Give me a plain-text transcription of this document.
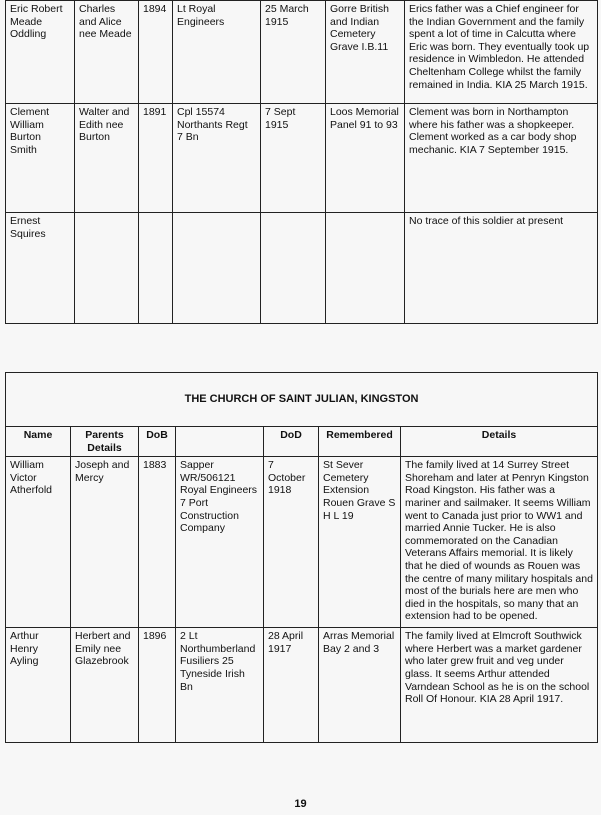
Eric Robert Meade Oddling	Charles and Alice nee Meade	1894	Lt Royal Engineers	25 March 1915	Gorre British and Indian Cemetery Grave I.B.11	Erics father was a Chief engineer for the Indian Government and the family spent a lot of time in Calcutta where Eric was born. They eventually took up residence in Wimbledon. He attended Cheltenham College whilst the family remained in India. KIA 25 March 1915.
Clement William Burton Smith	Walter and Edith nee Burton	1891	Cpl 15574 Northants Regt 7 Bn	7 Sept 1915	Loos Memorial Panel 91 to 93	Clement was born in Northampton where his father was a shopkeeper. Clement worked as a car body shop mechanic. KIA 7 September 1915.
Ernest Squires						No trace of this soldier at present
THE CHURCH OF SAINT JULIAN, KINGSTON						
Name	Parents Details	DoB		DoD	Remembered	Details
William Victor Atherfold	Joseph and Mercy	1883	Sapper WR/506121 Royal Engineers 7 Port Construction Company	7 October 1918	St Sever Cemetery Extension Rouen Grave S H L 19	The family lived at 14 Surrey Street Shoreham and later at Penryn Kingston Road Kingston. His father was a mariner and sailmaker. It seems William went to Canada just prior to WW1 and married Annie Tucker. He is also commemorated on the Canadian Veterans Affairs memorial. It is likely that he died of wounds as Rouen was the centre of many military hospitals and most of the burials here are men who died in the hospitals, so many that an extension had to be opened.
Arthur Henry Ayling	Herbert and Emily nee Glazebrook	1896	2 Lt Northumberland Fusiliers 25 Tyneside Irish Bn	28 April 1917	Arras Memorial Bay 2 and 3	The family lived at Elmcroft Southwick where Herbert was a market gardener who later grew fruit and veg under glass. It seems Arthur attended Varndean School as he is on the school Roll Of Honour. KIA 28 April 1917.
19
